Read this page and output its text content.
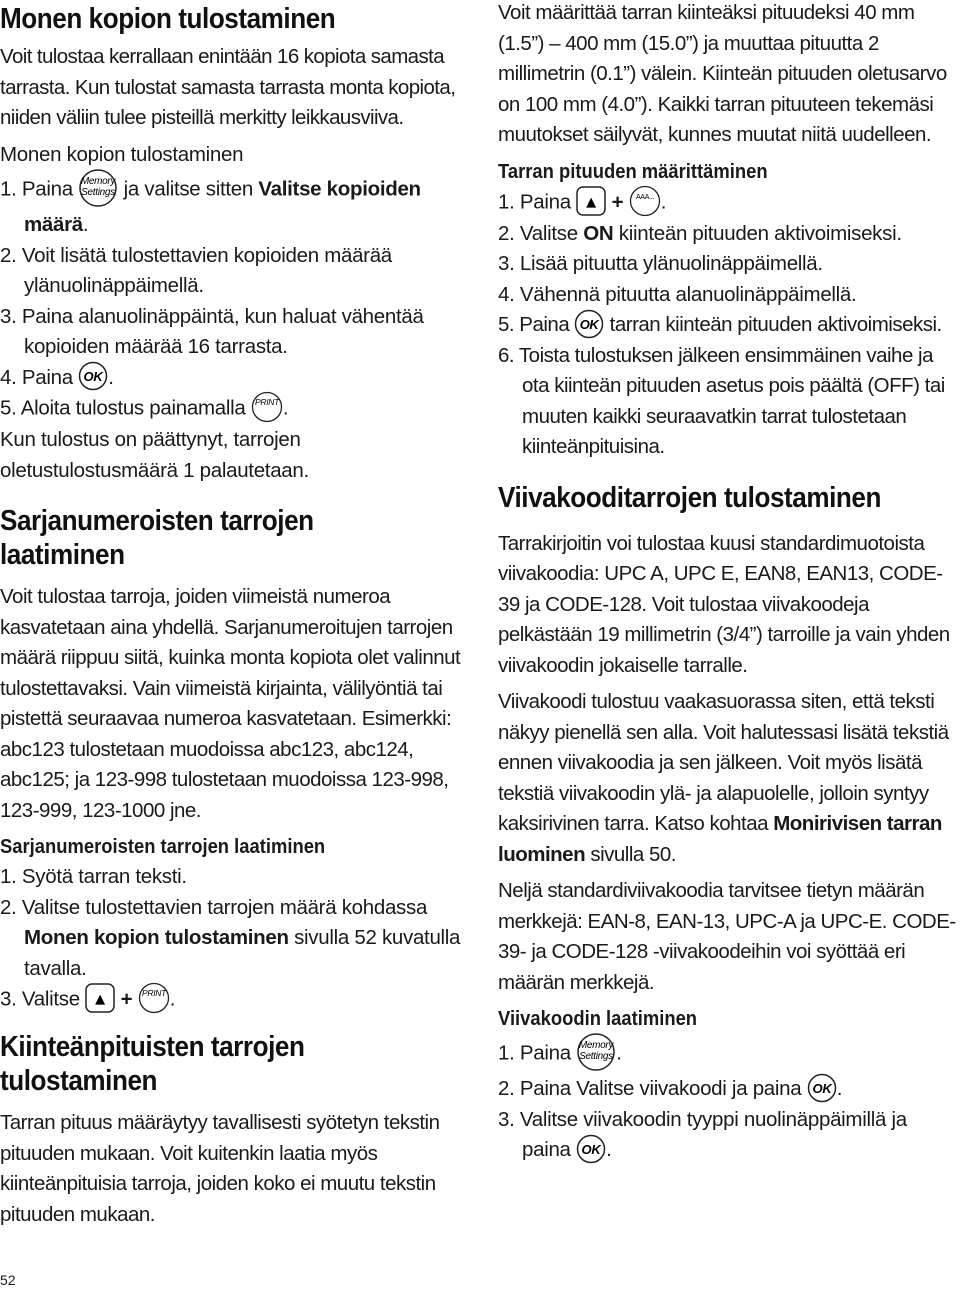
Monen kopion tulostaminen

Voit tulostaa kerrallaan enintään 16 kopiota samasta tarrasta. Kun tulostat samasta tarrasta monta kopiota, niiden väliin tulee pisteillä merkitty leikkausviiva.

Monen kopion tulostaminen

1. Paina Memory
Settings ja valitse sitten Valitse kopioiden määrä.

2. Voit lisätä tulostettavien kopioiden määrää ylänuolinäppäimellä.

3. Paina alanuolinäppäintä, kun haluat vähentää kopioiden määrää 16 tarrasta.

4. Paina OK .

5. Aloita tulostus painamalla PRINT .

Kun tulostus on päättynyt, tarrojen oletustulostusmäärä 1 palautetaan.

Sarjanumeroisten tarrojen laatiminen

Voit tulostaa tarroja, joiden viimeistä numeroa kasvatetaan aina yhdellä. Sarjanumeroitujen tarrojen määrä riippuu siitä, kuinka monta kopiota olet valinnut tulostettavaksi. Vain viimeistä kirjainta, välilyöntiä tai pistettä seuraavaa numeroa kasvatetaan. Esimerkki: abc123 tulostetaan muodoissa abc123, abc124, abc125; ja 123-998 tulostetaan muodoissa 123-998, 123-999, 123-1000 jne.

Sarjanumeroisten tarrojen laatiminen

1. Syötä tarran teksti.

2. Valitse tulostettavien tarrojen määrä kohdassa Monen kopion tulostaminen sivulla 52 kuvatulla tavalla.

3. Valitse ▲ + PRINT .

Kiinteänpituisten tarrojen tulostaminen

Tarran pituus määräytyy tavallisesti syötetyn tekstin pituuden mukaan. Voit kuitenkin laatia myös kiinteänpituisia tarroja, joiden koko ei muutu tekstin pituuden mukaan.

Voit määrittää tarran kiinteäksi pituudeksi 40 mm (1.5”) – 400 mm (15.0”) ja muuttaa pituutta 2 millimetrin (0.1”) välein. Kiinteän pituuden oletusarvo on 100 mm (4.0”). Kaikki tarran pituuteen tekemäsi muutokset säilyvät, kunnes muutat niitä uudelleen.

Tarran pituuden määrittäminen

1. Paina ▲ + AAA... .

2. Valitse ON kiinteän pituuden aktivoimiseksi.

3. Lisää pituutta ylänuolinäppäimellä.

4. Vähennä pituutta alanuolinäppäimellä.

5. Paina OK tarran kiinteän pituuden aktivoimiseksi.

6. Toista tulostuksen jälkeen ensimmäinen vaihe ja ota kiinteän pituuden asetus pois päältä (OFF) tai muuten kaikki seuraavatkin tarrat tulostetaan kiinteänpituisina.

Viivakooditarrojen tulostaminen

Tarrakirjoitin voi tulostaa kuusi standardimuotoista viivakoodia: UPC A, UPC E, EAN8, EAN13, CODE-39 ja CODE-128. Voit tulostaa viivakoodeja pelkästään 19 millimetrin (3/4”) tarroille ja vain yhden viivakoodin jokaiselle tarralle.

Viivakoodi tulostuu vaakasuorassa siten, että teksti näkyy pienellä sen alla. Voit halutessasi lisätä tekstiä ennen viivakoodia ja sen jälkeen. Voit myös lisätä tekstiä viivakoodin ylä- ja alapuolelle, jolloin syntyy kaksirivinen tarra. Katso kohtaa Monirivisen tarran luominen sivulla 50.

Neljä standardiviivakoodia tarvitsee tietyn määrän merkkejä: EAN-8, EAN-13, UPC-A ja UPC-E. CODE-39- ja CODE-128 -viivakoodeihin voi syöttää eri määrän merkkejä.

Viivakoodin laatiminen

1. Paina Memory
Settings .

2. Paina Valitse viivakoodi ja paina OK .

3. Valitse viivakoodin tyyppi nuolinäppäimillä ja paina OK .

52
